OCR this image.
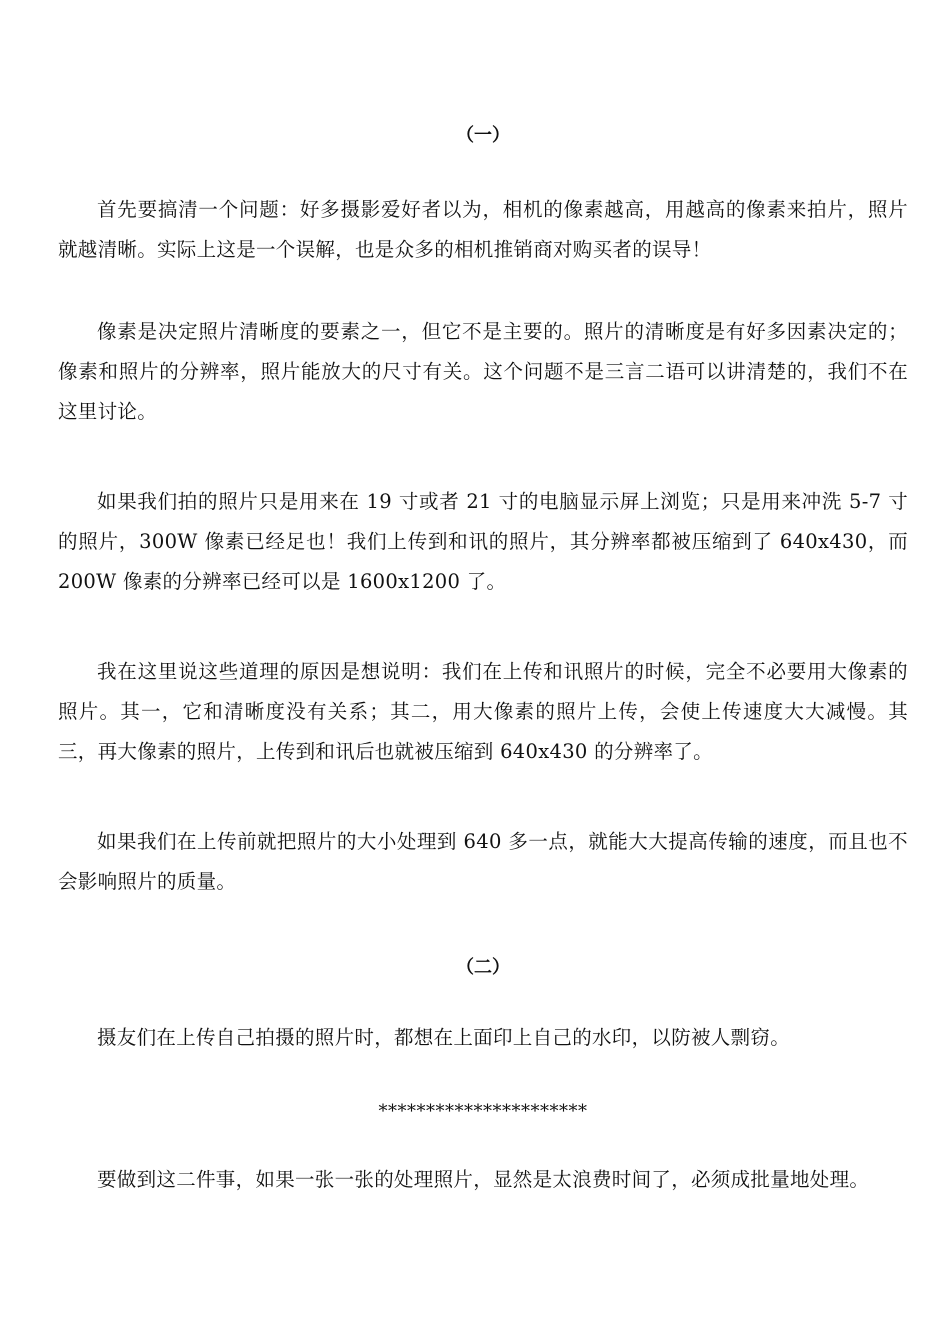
（一）

首先要搞清一个问题：好多摄影爱好者以为，相机的像素越高，用越高的像素来拍片，照片就越清晰。实际上这是一个误解，也是众多的相机推销商对购买者的误导！

像素是决定照片清晰度的要素之一，但它不是主要的。照片的清晰度是有好多因素决定的；像素和照片的分辨率，照片能放大的尺寸有关。这个问题不是三言二语可以讲清楚的，我们不在这里讨论。

如果我们拍的照片只是用来在 19 寸或者 21 寸的电脑显示屏上浏览；只是用来冲洗 5-7 寸的照片，300W 像素已经足也！我们上传到和讯的照片，其分辨率都被压缩到了 640x430，而 200W 像素的分辨率已经可以是 1600x1200 了。

我在这里说这些道理的原因是想说明：我们在上传和讯照片的时候，完全不必要用大像素的照片。其一，它和清晰度没有关系；其二，用大像素的照片上传，会使上传速度大大减慢。其三，再大像素的照片，上传到和讯后也就被压缩到 640x430 的分辨率了。

如果我们在上传前就把照片的大小处理到 640 多一点，就能大大提高传输的速度，而且也不会影响照片的质量。

（二）

摄友们在上传自己拍摄的照片时，都想在上面印上自己的水印，以防被人剽窃。

**********************

要做到这二件事，如果一张一张的处理照片，显然是太浪费时间了，必须成批量地处理。
